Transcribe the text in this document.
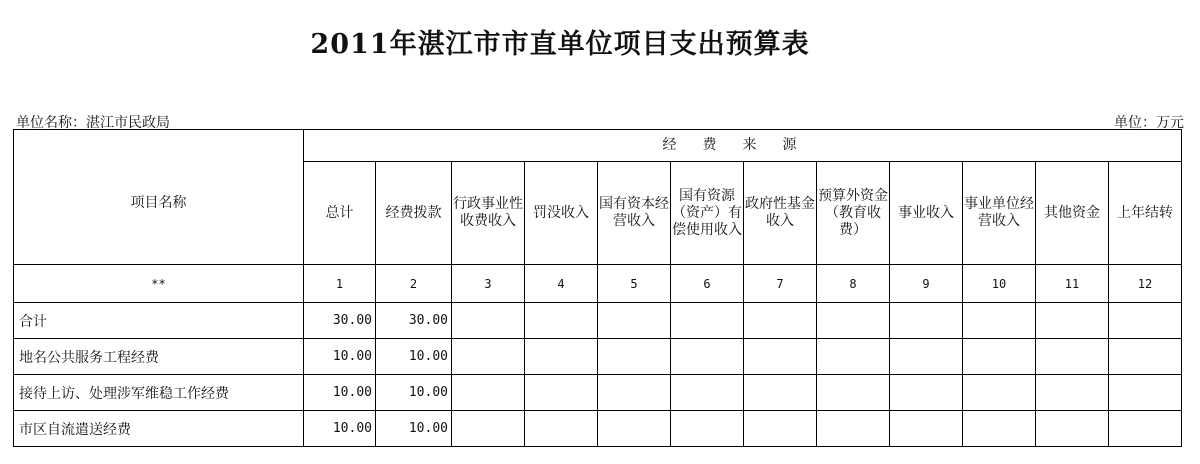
2011年湛江市市直单位项目支出预算表
单位名称：湛江市民政局	单位：万元
项目名称	经费来源											
	总计	经费拨款	行政事业性收费收入	罚没收入	国有资本经营收入	国有资源（资产）有偿使用收入	政府性基金收入	预算外资金（教育收费）	事业收入	事业单位经营收入	其他资金	上年结转
**	1	2	3	4	5	6	7	8	9	10	11	12
合计	30.00	30.00										
地名公共服务工程经费	10.00	10.00										
接待上访、处理涉军维稳工作经费	10.00	10.00										
市区自流遣送经费	10.00	10.00										
